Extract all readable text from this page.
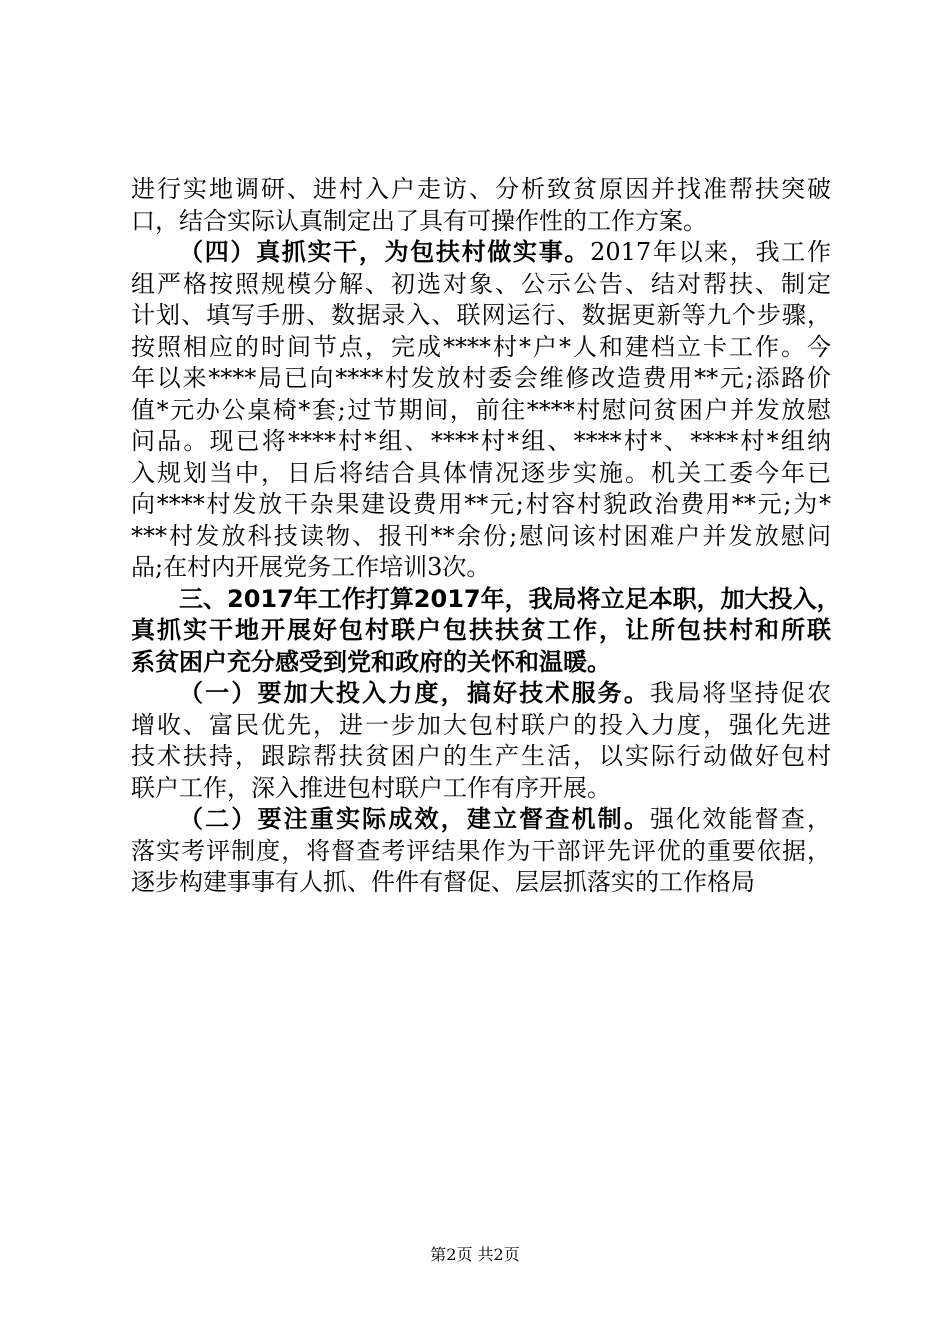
进行实地调研、进村入户走访、分析致贫原因并找准帮扶突破
口，结合实际认真制定出了具有可操作性的工作方案。
（四）真抓实干，为包扶村做实事。2017年以来，我工作
组严格按照规模分解、初选对象、公示公告、结对帮扶、制定
计划、填写手册、数据录入、联网运行、数据更新等九个步骤，
按照相应的时间节点，完成****村*户*人和建档立卡工作。今
年以来****局已向****村发放村委会维修改造费用**元;添路价
值*元办公桌椅*套;过节期间，前往****村慰问贫困户并发放慰
问品。现已将****村*组、****村*组、****村*、****村*组纳
入规划当中，日后将结合具体情况逐步实施。机关工委今年已
向****村发放干杂果建设费用**元;村容村貌政治费用**元;为*
***村发放科技读物、报刊**余份;慰问该村困难户并发放慰问
品;在村内开展党务工作培训3次。
三、2017年工作打算2017年，我局将立足本职，加大投入，
真抓实干地开展好包村联户包扶扶贫工作，让所包扶村和所联
系贫困户充分感受到党和政府的关怀和温暖。
（一）要加大投入力度，搞好技术服务。我局将坚持促农
增收、富民优先，进一步加大包村联户的投入力度，强化先进
技术扶持，跟踪帮扶贫困户的生产生活，以实际行动做好包村
联户工作，深入推进包村联户工作有序开展。
（二）要注重实际成效，建立督查机制。强化效能督查，
落实考评制度，将督查考评结果作为干部评先评优的重要依据，
逐步构建事事有人抓、件件有督促、层层抓落实的工作格局
第2页 共2页
